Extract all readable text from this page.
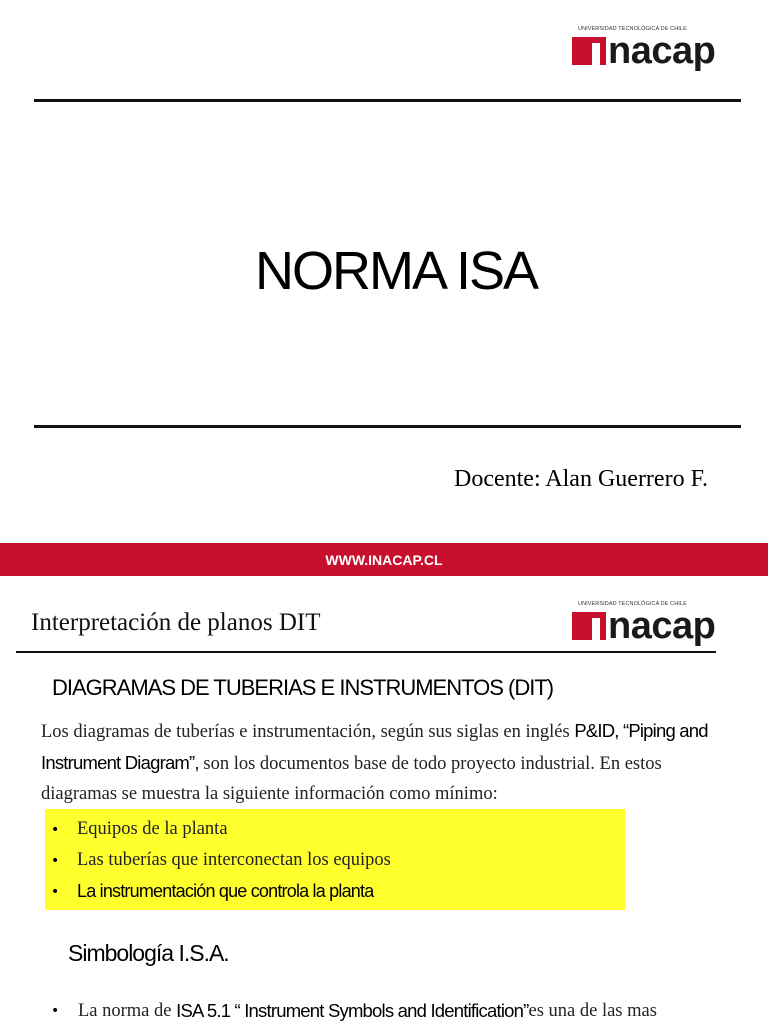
UNIVERSIDAD TECNOLÓGICA DE CHILE
nacap
NORMA ISA
Docente: Alan Guerrero F.
WWW.INACAP.CL
Interpretación de planos DIT
UNIVERSIDAD TECNOLÓGICA DE CHILE
nacap
DIAGRAMAS DE TUBERIAS E INSTRUMENTOS (DIT)
Los diagramas de tuberías e instrumentación, según sus siglas en inglés P&ID, “Piping and Instrument Diagram”, son los documentos base de todo proyecto industrial. En estos diagramas se muestra la siguiente información como mínimo:
• Equipos de la planta
• Las tuberías que interconectan los equipos
• La instrumentación que controla la planta
Simbología I.S.A.
•	La norma de
ISA 5.1 “ Instrument Symbols and Identification” es una de las mas
